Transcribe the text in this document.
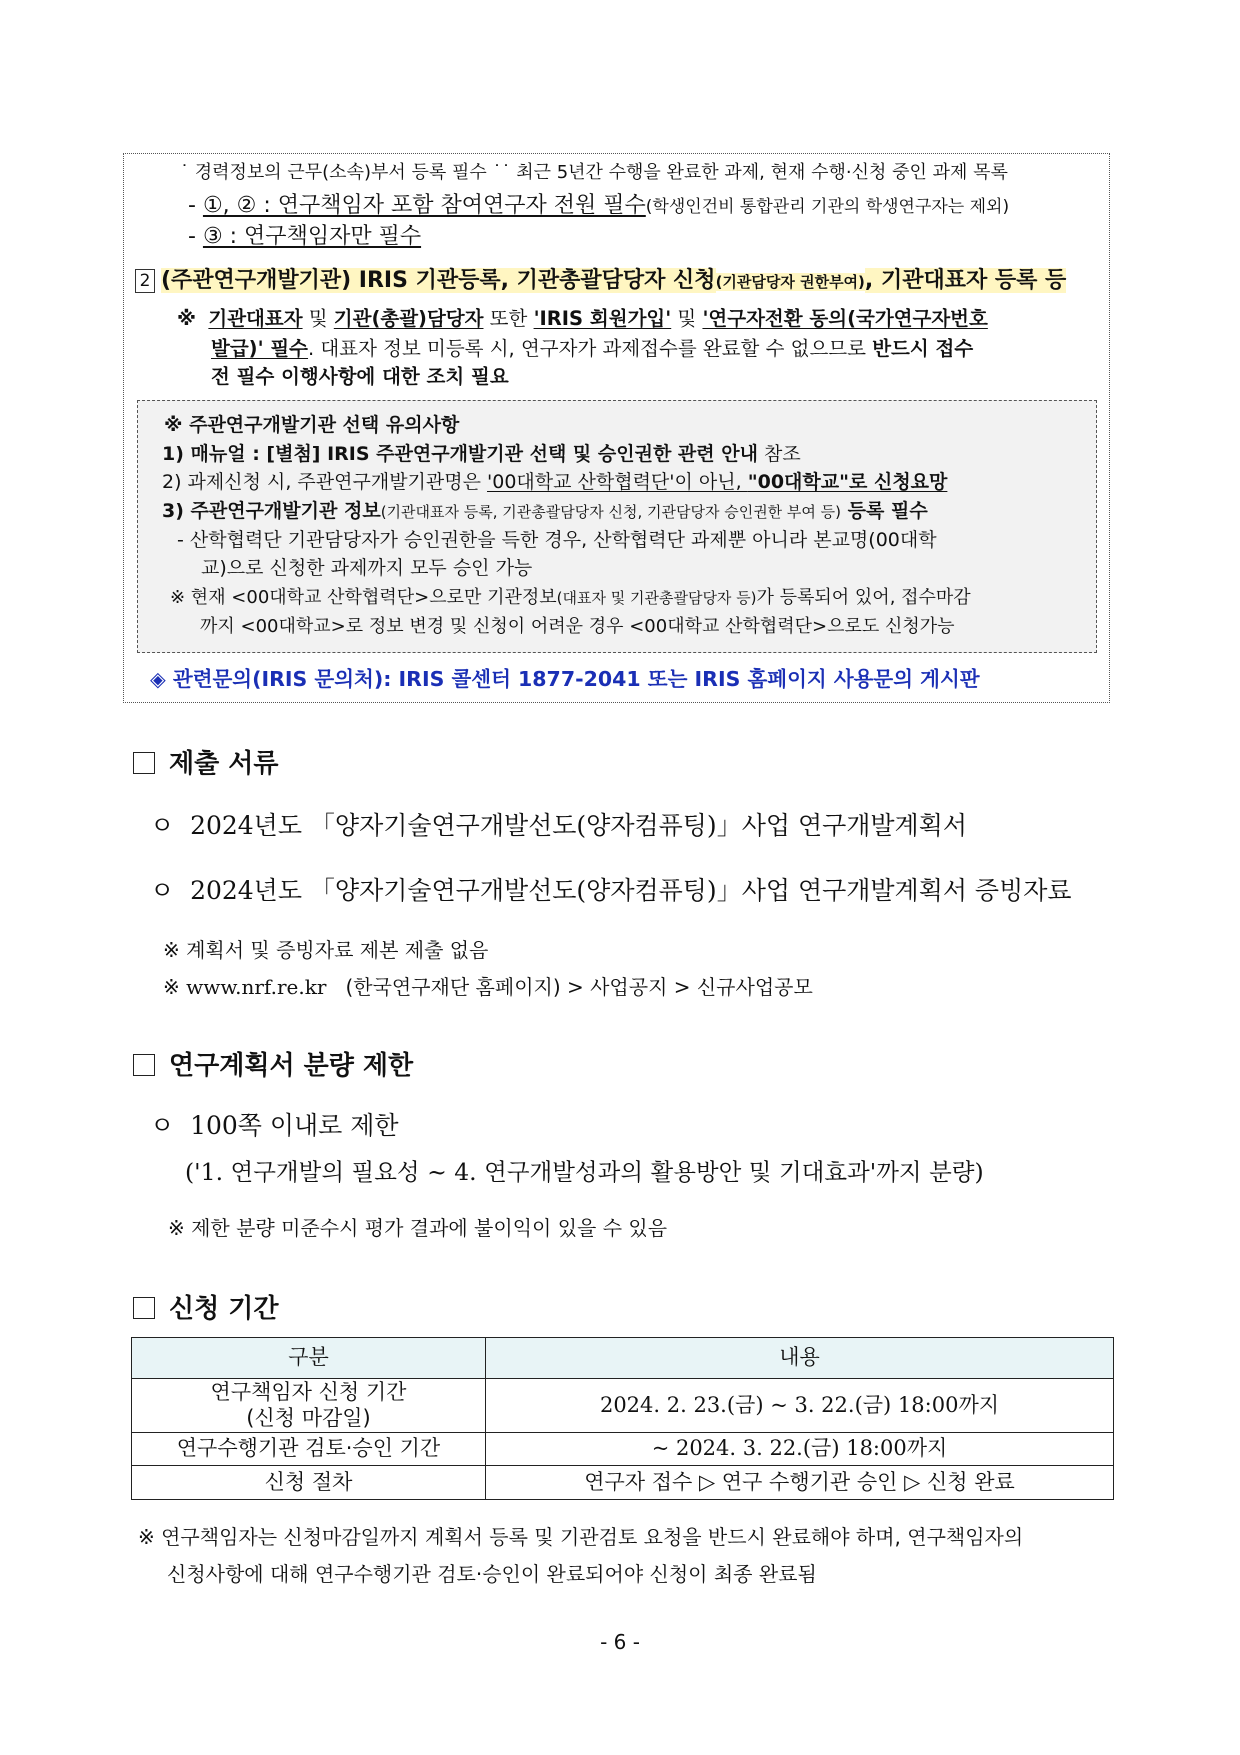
˙ 경력정보의 근무(소속)부서 등록 필수 ˙˙ 최근 5년간 수행을 완료한 과제, 현재 수행·신청 중인 과제 목록
- ①, ② : 연구책임자 포함 참여연구자 전원 필수(학생인건비 통합관리 기관의 학생연구자는 제외)
- ③ : 연구책임자만 필수
2 (주관연구개발기관) IRIS 기관등록, 기관총괄담당자 신청(기관담당자 권한부여), 기관대표자 등록 등
※ 기관대표자 및 기관(총괄)담당자 또한 'IRIS 회원가입' 및 '연구자전환 동의(국가연구자번호
발급)' 필수. 대표자 정보 미등록 시, 연구자가 과제접수를 완료할 수 없으므로 반드시 접수
전 필수 이행사항에 대한 조치 필요
※ 주관연구개발기관 선택 유의사항
1) 매뉴얼 : [별첨] IRIS 주관연구개발기관 선택 및 승인권한 관련 안내 참조
2) 과제신청 시, 주관연구개발기관명은 '00대학교 산학협력단'이 아닌, "00대학교"로 신청요망
3) 주관연구개발기관 정보(기관대표자 등록, 기관총괄담당자 신청, 기관담당자 승인권한 부여 등) 등록 필수
- 산학협력단 기관담당자가 승인권한을 득한 경우, 산학협력단 과제뿐 아니라 본교명(00대학
교)으로 신청한 과제까지 모두 승인 가능
※ 현재 <00대학교 산학협력단>으로만 기관정보(대표자 및 기관총괄담당자 등)가 등록되어 있어, 접수마감
까지 <00대학교>로 정보 변경 및 신청이 어려운 경우 <00대학교 산학협력단>으로도 신청가능
◈ 관련문의(IRIS 문의처): IRIS 콜센터 1877-2041 또는 IRIS 홈페이지 사용문의 게시판
제출 서류
ㅇ 2024년도 「양자기술연구개발선도(양자컴퓨팅)」사업 연구개발계획서
ㅇ 2024년도 「양자기술연구개발선도(양자컴퓨팅)」사업 연구개발계획서 증빙자료
※ 계획서 및 증빙자료 제본 제출 없음
※ www.nrf.re.kr (한국연구재단 홈페이지) > 사업공지 > 신규사업공모
연구계획서 분량 제한
ㅇ 100쪽 이내로 제한
('1. 연구개발의 필요성 ~ 4. 연구개발성과의 활용방안 및 기대효과'까지 분량)
※ 제한 분량 미준수시 평가 결과에 불이익이 있을 수 있음
신청 기간
구분	내용

연구책임자 신청 기간
(신청 마감일)	2024. 2. 23.(금) ~ 3. 22.(금) 18:00까지
연구수행기관 검토·승인 기간	~ 2024. 3. 22.(금) 18:00까지
신청 절차	연구자 접수 ▷ 연구 수행기관 승인 ▷ 신청 완료
※ 연구책임자는 신청마감일까지 계획서 등록 및 기관검토 요청을 반드시 완료해야 하며, 연구책임자의
신청사항에 대해 연구수행기관 검토·승인이 완료되어야 신청이 최종 완료됨
- 6 -
